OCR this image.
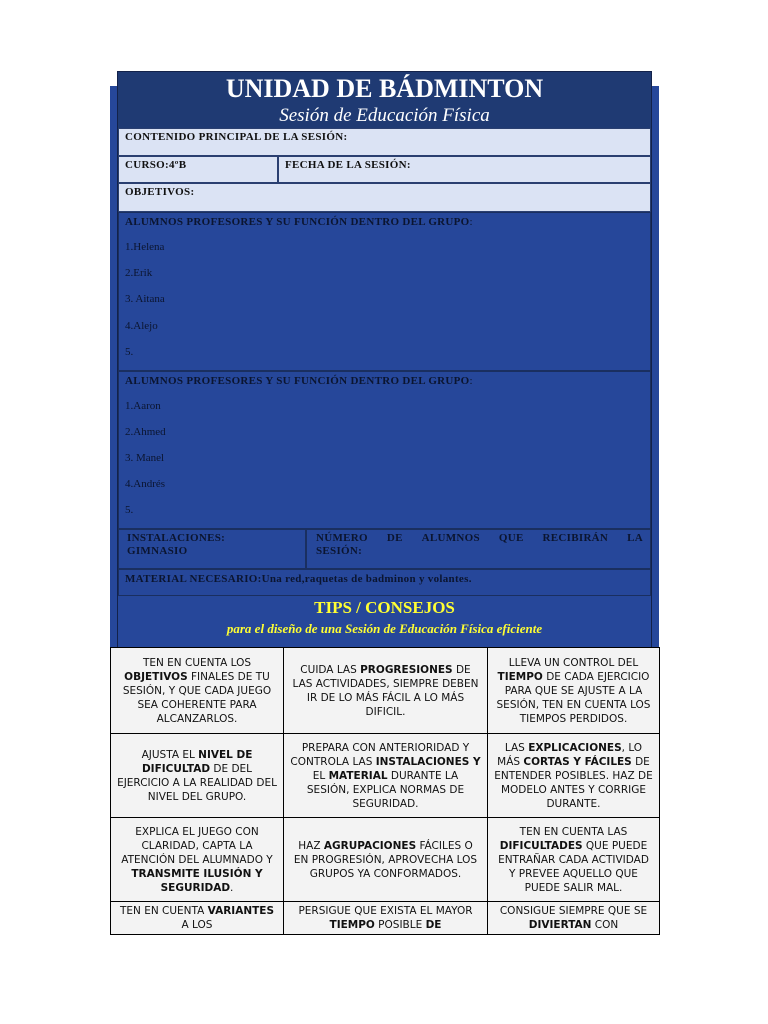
UNIDAD DE BÁDMINTON
Sesión de Educación Física
CONTENIDO PRINCIPAL DE LA SESIÓN:
CURSO:4ºB	FECHA DE LA SESIÓN:
OBJETIVOS:
ALUMNOS PROFESORES Y SU FUNCIÓN DENTRO DEL GRUPO:
1.Helena
2.Erik
3. Aitana
4.Alejo
5.
ALUMNOS PROFESORES Y SU FUNCIÓN DENTRO DEL GRUPO:
1.Aaron
2.Ahmed
3. Manel
4.Andrés
5.
INSTALACIONES:
GIMNASIO
NÚMERO DE ALUMNOS QUE RECIBIRÁN LA
SESIÓN:
MATERIAL NECESARIO:Una red,raquetas de badminon y volantes.
TIPS / CONSEJOS
para el diseño de una Sesión de Educación Física eficiente
TEN EN CUENTA LOS OBJETIVOS FINALES DE TU SESIÓN, Y QUE CADA JUEGO SEA COHERENTE PARA ALCANZARLOS.	CUIDA LAS PROGRESIONES DE LAS ACTIVIDADES, SIEMPRE DEBEN IR DE LO MÁS FÁCIL A LO MÁS DIFICIL.	LLEVA UN CONTROL DEL TIEMPO DE CADA EJERCICIO PARA QUE SE AJUSTE A LA SESIÓN, TEN EN CUENTA LOS TIEMPOS PERDIDOS.
AJUSTA EL NIVEL DE DIFICULTAD DE DEL EJERCICIO A LA REALIDAD DEL NIVEL DEL GRUPO.	PREPARA CON ANTERIORIDAD Y CONTROLA LAS INSTALACIONES Y EL MATERIAL DURANTE LA SESIÓN, EXPLICA NORMAS DE SEGURIDAD.	LAS EXPLICACIONES, LO MÁS CORTAS Y FÁCILES DE ENTENDER POSIBLES. HAZ DE MODELO ANTES Y CORRIGE DURANTE.
EXPLICA EL JUEGO CON CLARIDAD, CAPTA LA ATENCIÓN DEL ALUMNADO Y TRANSMITE ILUSIÓN Y SEGURIDAD.	HAZ AGRUPACIONES FÁCILES O EN PROGRESIÓN, APROVECHA LOS GRUPOS YA CONFORMADOS.	TEN EN CUENTA LAS DIFICULTADES QUE PUEDE ENTRAÑAR CADA ACTIVIDAD Y PREVEE AQUELLO QUE PUEDE SALIR MAL.
TEN EN CUENTA VARIANTES A LOS	PERSIGUE QUE EXISTA EL MAYOR TIEMPO POSIBLE DE	CONSIGUE SIEMPRE QUE SE DIVIERTAN CON
